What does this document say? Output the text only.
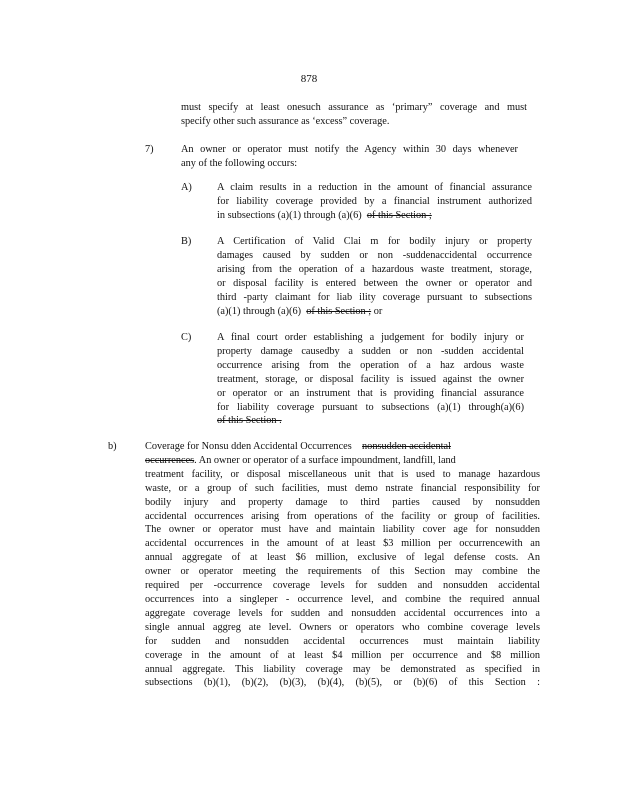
878
must specify at least onesuch assurance as ‘primary” coverage and must
specify other such assurance as ‘excess” coverage.
7)	An owner or operator must notify the Agency within 30 days whenever
any of the following occurs:
A) A claim results in a reduction in the amount of financial assurance
for liability coverage provided by a financial instrument authorized
in subsections (a)(1) through (a)(6) of this Section ;
B) A Certification of Valid Clai m for bodily injury or property
damages caused by sudden or non -suddenaccidental occurrence
arising from the operation of a hazardous waste treatment, storage,
or disposal facility is entered between the owner or operator and
third -party claimant for liab ility coverage pursuant to subsections
(a)(1) through (a)(6) of this Section ; or
C) A final court order establishing a judgement for bodily injury or
property damage causedby a sudden or non -sudden accidental
occurrence arising from the operation of a haz ardous waste
treatment, storage, or disposal facility is issued against the owner
or operator or an instrument that is providing financial assurance
for liability coverage pursuant to subsections (a)(1) through(a)(6)
of this Section .
b)	Coverage for Nonsu dden Accidental Occurrences nonsudden accidental
occurrences. An owner or operator of a surface impoundment, landfill, land
treatment facility, or disposal miscellaneous unit that is used to manage hazardous
waste, or a group of such facilities, must demo nstrate financial responsibility for
bodily injury and property damage to third parties caused by nonsudden
accidental occurrences arising from operations of the facility or group of facilities.
The owner or operator must have and maintain liability cover age for nonsudden
accidental occurrences in the amount of at least $3 million per occurrencewith an
annual aggregate of at least $6 million, exclusive of legal defense costs. An
owner or operator meeting the requirements of this Section may combine the
required per -occurrence coverage levels for sudden and nonsudden accidental
occurrences into a singleper - occurrence level, and combine the required annual
aggregate coverage levels for sudden and nonsudden accidental occurrences into a
single annual aggreg ate level. Owners or operators who combine coverage levels
for sudden and nonsudden accidental occurrences must maintain liability
coverage in the amount of at least $4 million per occurrence and $8 million
annual aggregate. This liability coverage may be demonstrated as specified in
subsections (b)(1), (b)(2), (b)(3), (b)(4), (b)(5), or (b)(6) of this Section :
